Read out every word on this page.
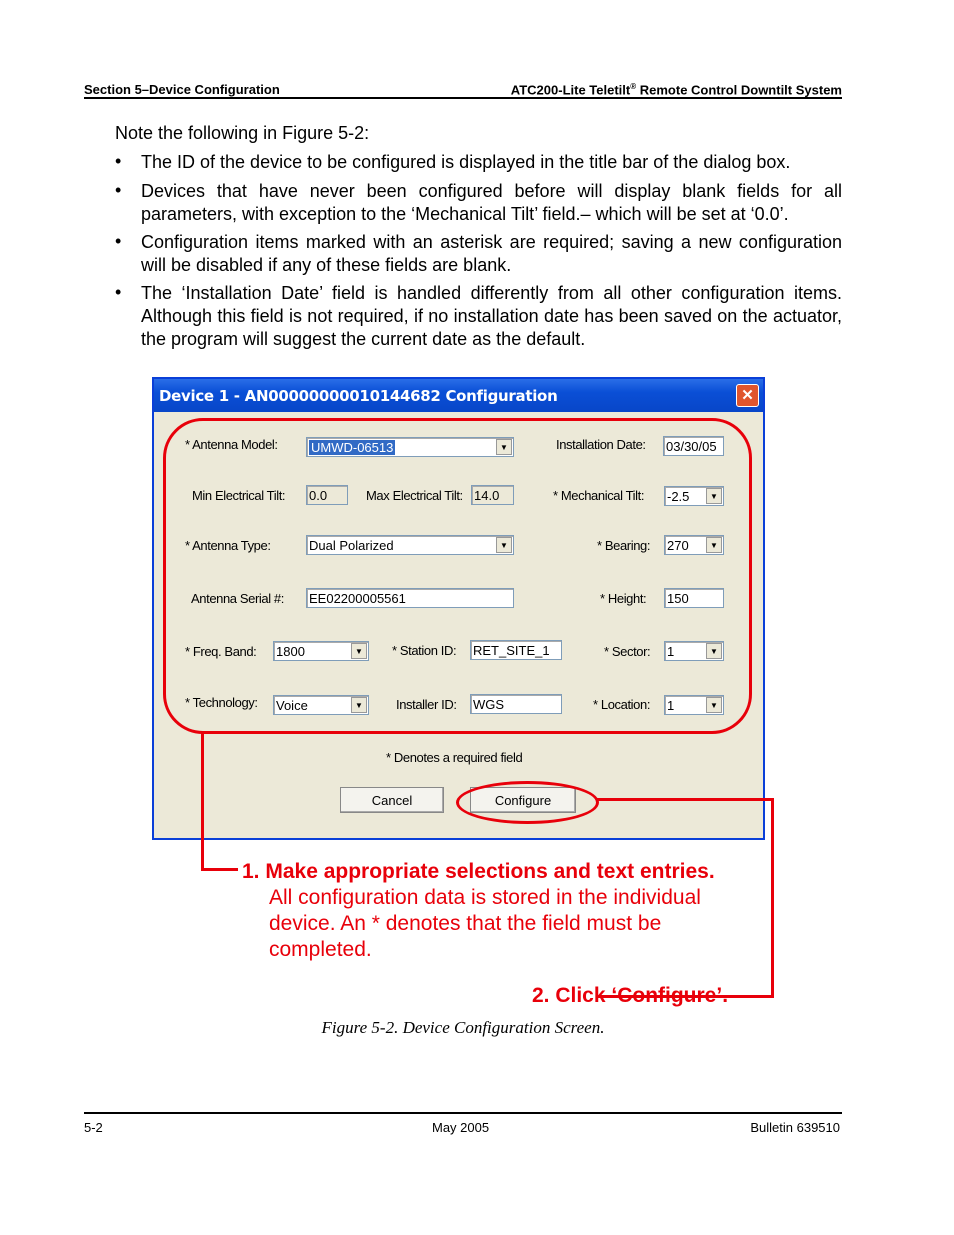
Section 5–Device Configuration	ATC200-Lite Teletilt® Remote Control Downtilt System
Note the following in Figure 5-2:
• The ID of the device to be configured is displayed in the title bar of the dialog box.
• Devices that have never been configured before will display blank fields for all parameters, with exception to the ‘Mechanical Tilt’ field.– which will be set at ‘0.0’.
• Configuration items marked with an asterisk are required; saving a new configuration will be disabled if any of these fields are blank.
• The ‘Installation Date’ field is handled differently from all other configuration items. Although this field is not required, if no installation date has been saved on the actuator, the program will suggest the current date as the default.
Device 1 - AN00000000010144682 Configuration	✕
* Antenna Model:	UMWD-06513	▼	Installation Date: 03/30/05
Min Electrical Tilt: 0.0	Max Electrical Tilt: 14.0	* Mechanical Tilt: -2.5	▼
* Antenna Type:	Dual Polarized	▼	* Bearing: 270	▼
Antenna Serial #: EE02200005561	* Height: 150
* Freq. Band: 1800	▼	* Station ID: RET_SITE_1	* Sector: 1	▼
* Technology: Voice	▼	Installer ID: WGS	* Location: 1	▼
* Denotes a required field
Cancel	Configure
1. Make appropriate selections and text entries.
All configuration data is stored in the individual device. An * denotes that the field must be completed.
2. Click ‘Configure’.
Figure 5-2. Device Configuration Screen.
5-2	May 2005	Bulletin 639510
